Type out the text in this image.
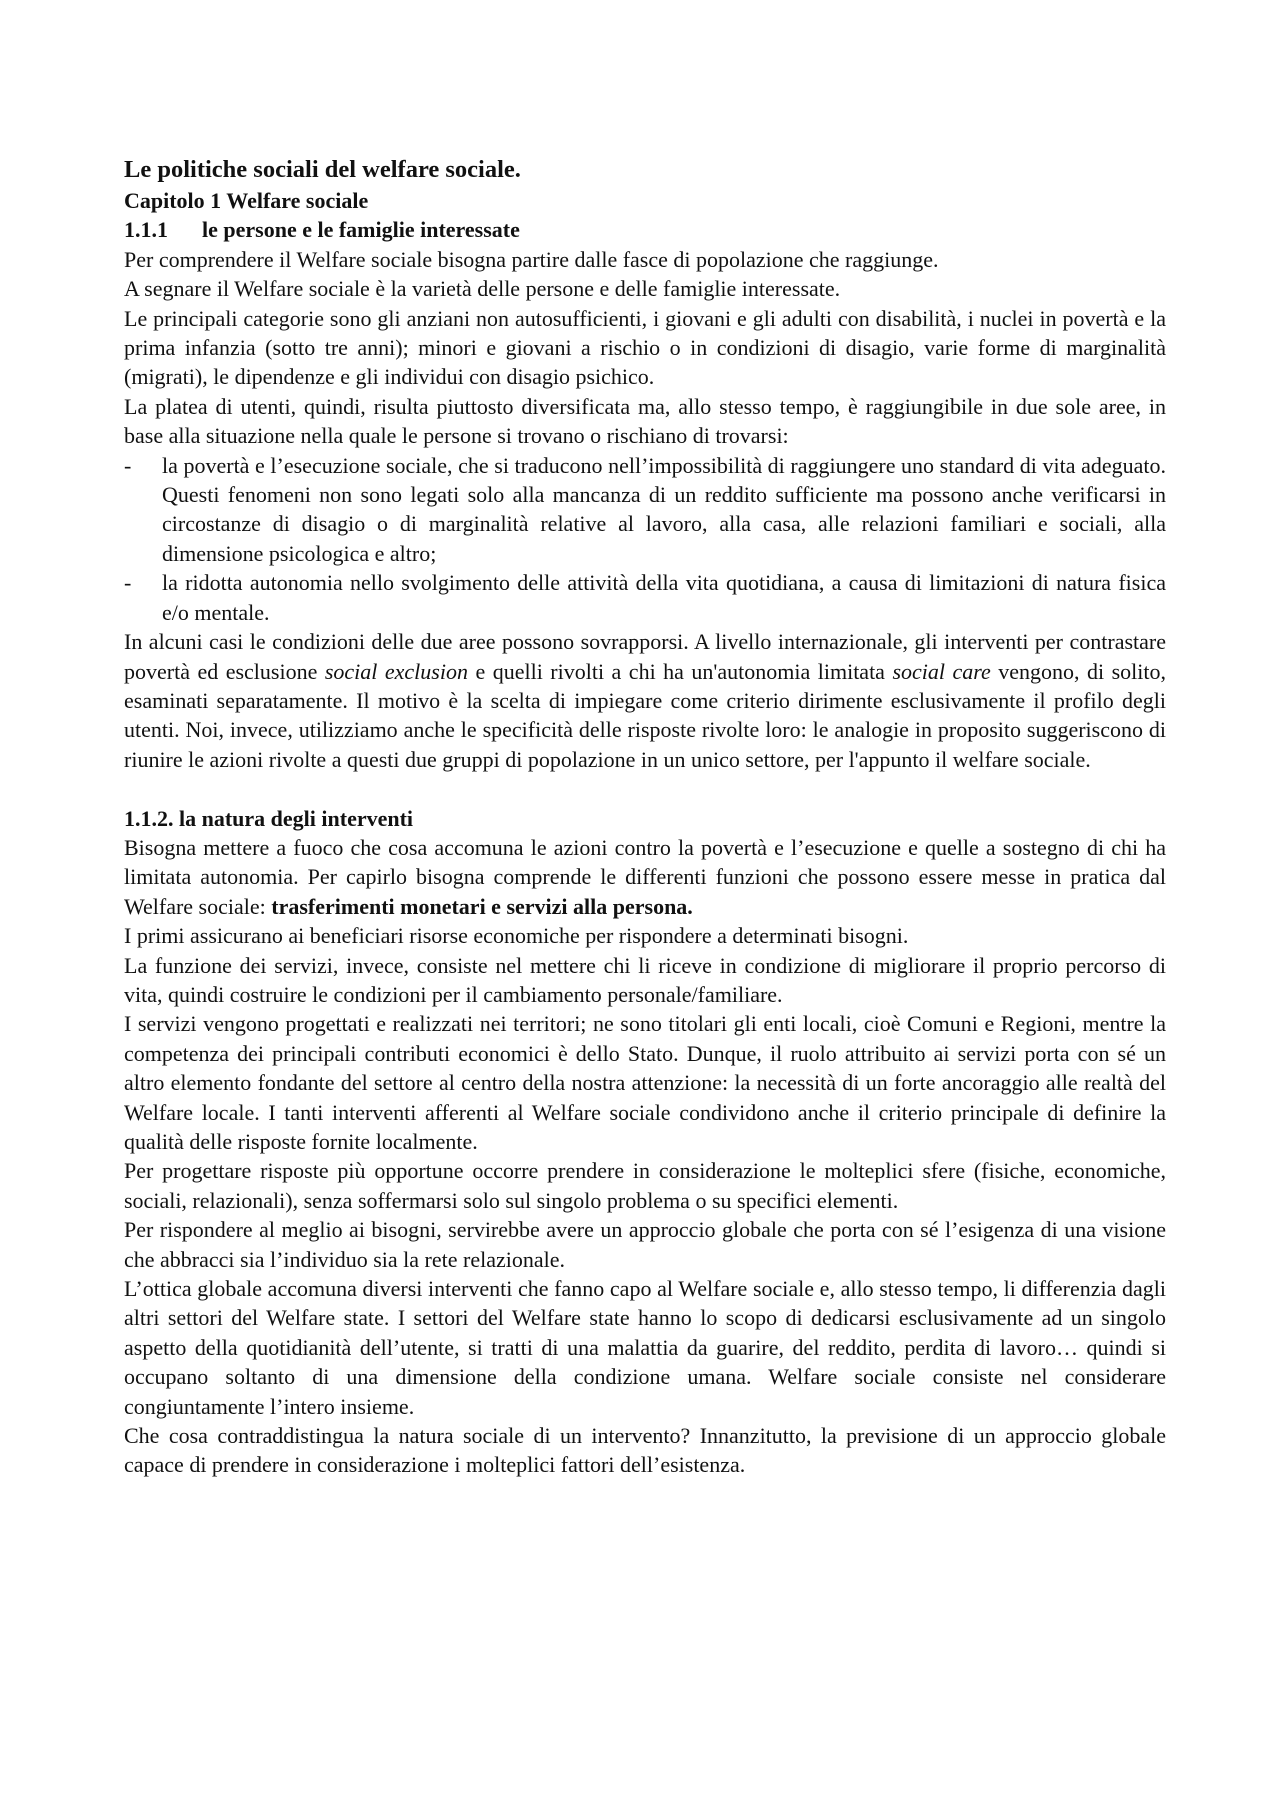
Le politiche sociali del welfare sociale.

Capitolo 1 Welfare sociale

1.1.1 le persone e le famiglie interessate

Per comprendere il Welfare sociale bisogna partire dalle fasce di popolazione che raggiunge.

A segnare il Welfare sociale è la varietà delle persone e delle famiglie interessate.

Le principali categorie sono gli anziani non autosufficienti, i giovani e gli adulti con disabilità, i nuclei in povertà e la prima infanzia (sotto tre anni); minori e giovani a rischio o in condizioni di disagio, varie forme di marginalità (migrati), le dipendenze e gli individui con disagio psichico.

La platea di utenti, quindi, risulta piuttosto diversificata ma, allo stesso tempo, è raggiungibile in due sole aree, in base alla situazione nella quale le persone si trovano o rischiano di trovarsi:

- la povertà e l’esecuzione sociale, che si traducono nell’impossibilità di raggiungere uno standard di vita adeguato. Questi fenomeni non sono legati solo alla mancanza di un reddito sufficiente ma possono anche verificarsi in circostanze di disagio o di marginalità relative al lavoro, alla casa, alle relazioni familiari e sociali, alla dimensione psicologica e altro;
- la ridotta autonomia nello svolgimento delle attività della vita quotidiana, a causa di limitazioni di natura fisica e/o mentale.

In alcuni casi le condizioni delle due aree possono sovrapporsi. A livello internazionale, gli interventi per contrastare povertà ed esclusione social exclusion e quelli rivolti a chi ha un'autonomia limitata social care vengono, di solito, esaminati separatamente. Il motivo è la scelta di impiegare come criterio dirimente esclusivamente il profilo degli utenti. Noi, invece, utilizziamo anche le specificità delle risposte rivolte loro: le analogie in proposito suggeriscono di riunire le azioni rivolte a questi due gruppi di popolazione in un unico settore, per l'appunto il welfare sociale.

1.1.2. la natura degli interventi

Bisogna mettere a fuoco che cosa accomuna le azioni contro la povertà e l’esecuzione e quelle a sostegno di chi ha limitata autonomia. Per capirlo bisogna comprende le differenti funzioni che possono essere messe in pratica dal Welfare sociale: trasferimenti monetari e servizi alla persona.

I primi assicurano ai beneficiari risorse economiche per rispondere a determinati bisogni.

La funzione dei servizi, invece, consiste nel mettere chi li riceve in condizione di migliorare il proprio percorso di vita, quindi costruire le condizioni per il cambiamento personale/familiare.

I servizi vengono progettati e realizzati nei territori; ne sono titolari gli enti locali, cioè Comuni e Regioni, mentre la competenza dei principali contributi economici è dello Stato. Dunque, il ruolo attribuito ai servizi porta con sé un altro elemento fondante del settore al centro della nostra attenzione: la necessità di un forte ancoraggio alle realtà del Welfare locale. I tanti interventi afferenti al Welfare sociale condividono anche il criterio principale di definire la qualità delle risposte fornite localmente.

Per progettare risposte più opportune occorre prendere in considerazione le molteplici sfere (fisiche, economiche, sociali, relazionali), senza soffermarsi solo sul singolo problema o su specifici elementi.

Per rispondere al meglio ai bisogni, servirebbe avere un approccio globale che porta con sé l’esigenza di una visione che abbracci sia l’individuo sia la rete relazionale.

L’ottica globale accomuna diversi interventi che fanno capo al Welfare sociale e, allo stesso tempo, li differenzia dagli altri settori del Welfare state. I settori del Welfare state hanno lo scopo di dedicarsi esclusivamente ad un singolo aspetto della quotidianità dell’utente, si tratti di una malattia da guarire, del reddito, perdita di lavoro… quindi si occupano soltanto di una dimensione della condizione umana. Welfare sociale consiste nel considerare congiuntamente l’intero insieme.

Che cosa contraddistingua la natura sociale di un intervento? Innanzitutto, la previsione di un approccio globale capace di prendere in considerazione i molteplici fattori dell’esistenza.
